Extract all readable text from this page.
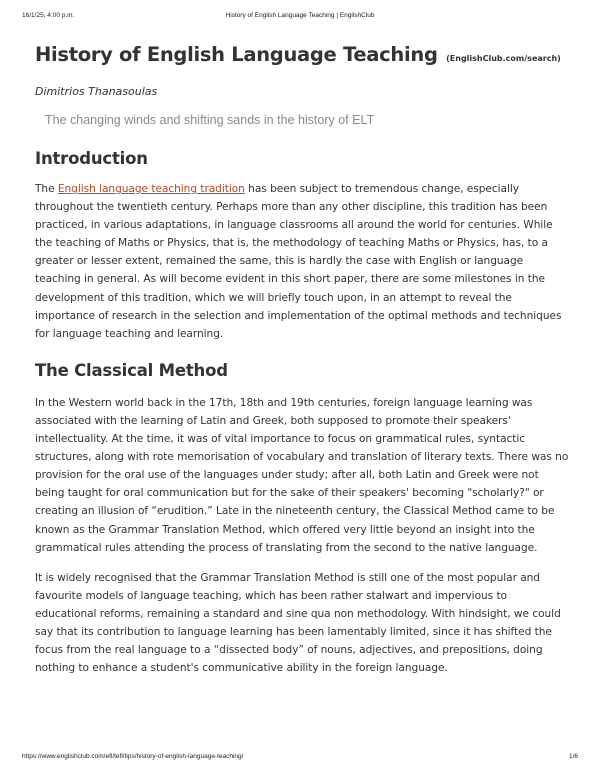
16/1/25, 4:00 p.m.	History of English Language Teaching | EnglishClub
History of English Language Teaching (EnglishClub.com/search)
Dimitrios Thanasoulas
The changing winds and shifting sands in the history of ELT
Introduction

The English language teaching tradition has been subject to tremendous change, especially throughout the twentieth century. Perhaps more than any other discipline, this tradition has been practiced, in various adaptations, in language classrooms all around the world for centuries. While the teaching of Maths or Physics, that is, the methodology of teaching Maths or Physics, has, to a greater or lesser extent, remained the same, this is hardly the case with English or language teaching in general. As will become evident in this short paper, there are some milestones in the development of this tradition, which we will briefly touch upon, in an attempt to reveal the importance of research in the selection and implementation of the optimal methods and techniques for language teaching and learning.

The Classical Method

In the Western world back in the 17th, 18th and 19th centuries, foreign language learning was associated with the learning of Latin and Greek, both supposed to promote their speakers' intellectuality. At the time, it was of vital importance to focus on grammatical rules, syntactic structures, along with rote memorisation of vocabulary and translation of literary texts. There was no provision for the oral use of the languages under study; after all, both Latin and Greek were not being taught for oral communication but for the sake of their speakers' becoming "scholarly?" or creating an illusion of “erudition.” Late in the nineteenth century, the Classical Method came to be known as the Grammar Translation Method, which offered very little beyond an insight into the grammatical rules attending the process of translating from the second to the native language.

It is widely recognised that the Grammar Translation Method is still one of the most popular and favourite models of language teaching, which has been rather stalwart and impervious to educational reforms, remaining a standard and sine qua non methodology. With hindsight, we could say that its contribution to language learning has been lamentably limited, since it has shifted the focus from the real language to a “dissected body” of nouns, adjectives, and prepositions, doing nothing to enhance a student's communicative ability in the foreign language.

https://www.englishclub.com/efl/tefl/tips/history-of-english-language-teaching/	1/6
